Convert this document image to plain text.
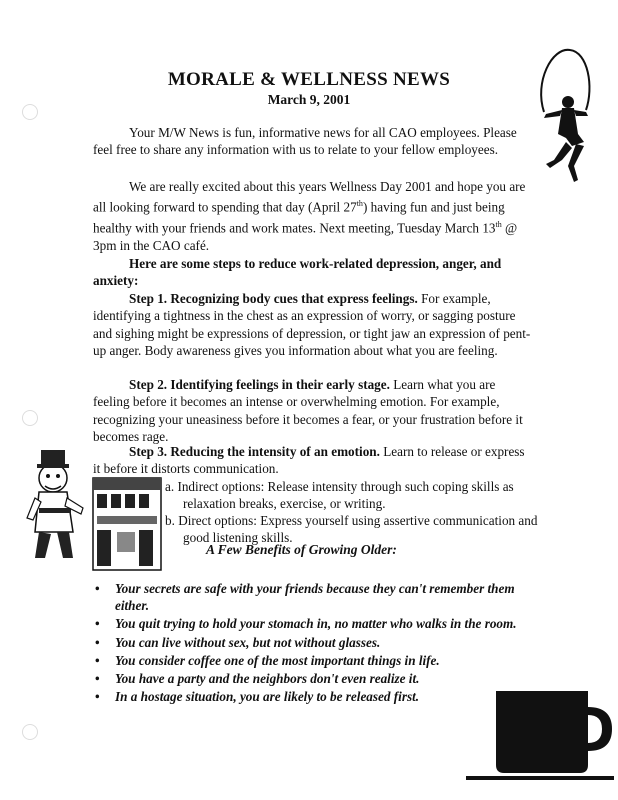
MORALE & WELLNESS NEWS
March 9, 2001
Your M/W News is fun, informative news for all CAO employees. Please feel free to share any information with us to relate to your fellow employees.
We are really excited about this years Wellness Day 2001 and hope you are all looking forward to spending that day (April 27th) having fun and just being healthy with your friends and work mates. Next meeting, Tuesday March 13th @ 3pm in the CAO café.
Here are some steps to reduce work-related depression, anger, and anxiety:
Step 1. Recognizing body cues that express feelings. For example, identifying a tightness in the chest as an expression of worry, or sagging posture and sighing might be expressions of depression, or tight jaw an expression of pent-up anger. Body awareness gives you information about what you are feeling.
Step 2. Identifying feelings in their early stage. Learn what you are feeling before it becomes an intense or overwhelming emotion. For example, recognizing your uneasiness before it becomes a fear, or your frustration before it becomes rage.
Step 3. Reducing the intensity of an emotion. Learn to release or express it before it distorts communication.
a. Indirect options: Release intensity through such coping skills as relaxation breaks, exercise, or writing.
b. Direct options: Express yourself using assertive communication and good listening skills.
A Few Benefits of Growing Older:
• Your secrets are safe with your friends because they can't remember them either.
• You quit trying to hold your stomach in, no matter who walks in the room.
• You can live without sex, but not without glasses.
• You consider coffee one of the most important things in life.
• You have a party and the neighbors don't even realize it.
• In a hostage situation, you are likely to be released first.
